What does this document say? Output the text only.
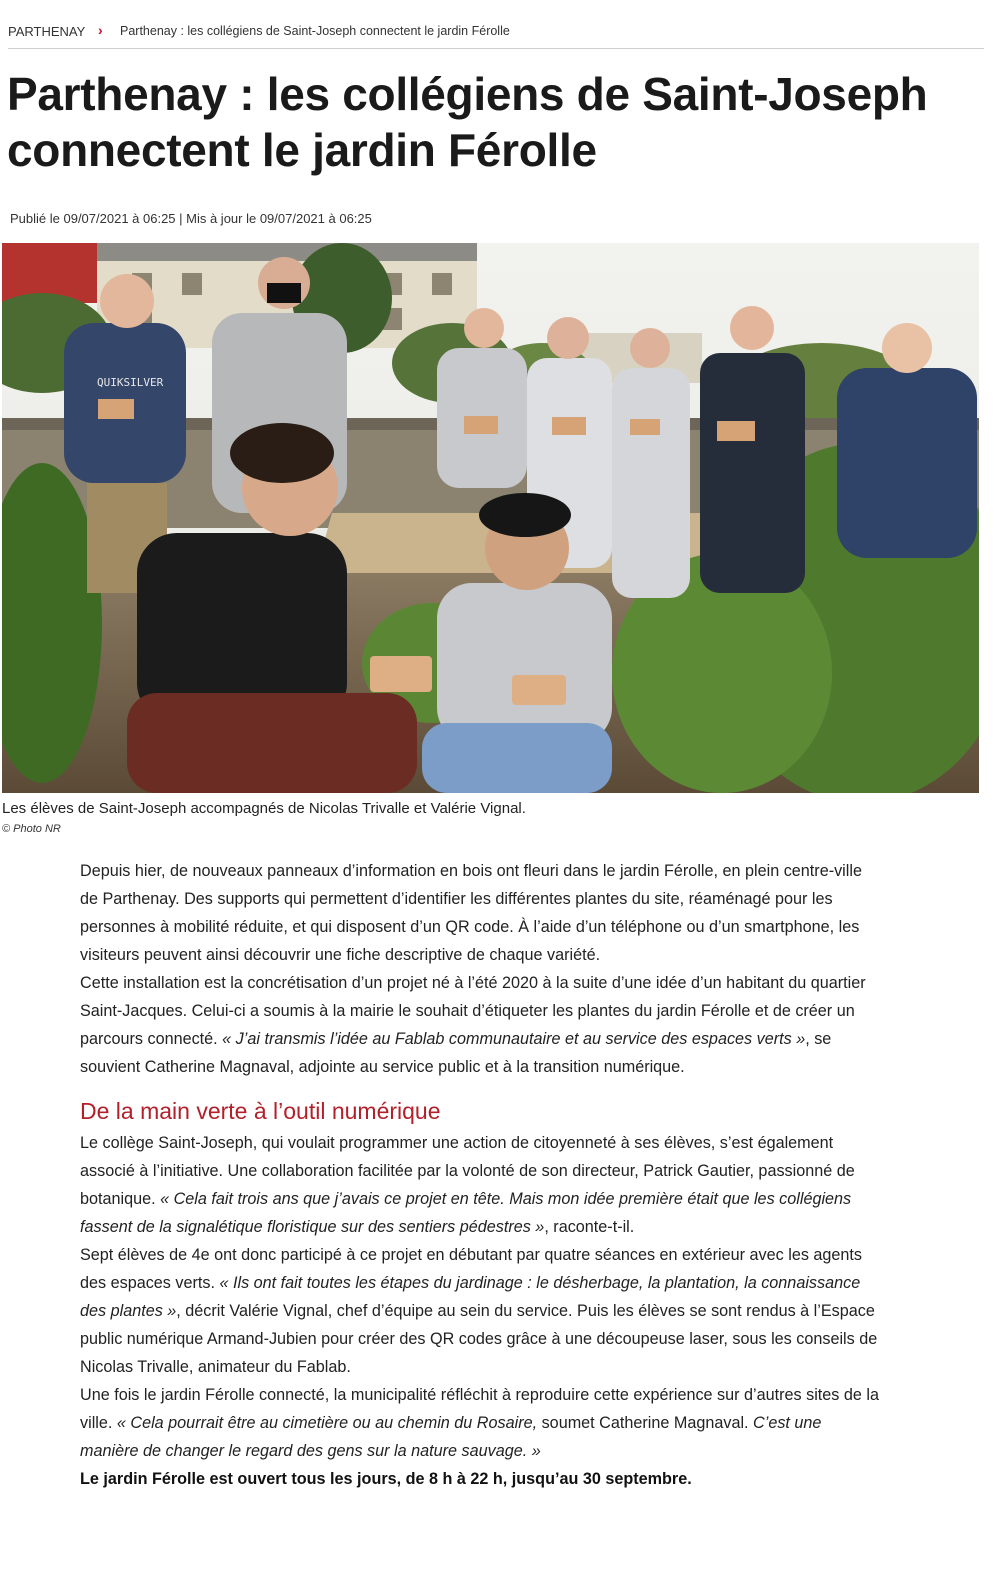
PARTHENAY › Parthenay : les collégiens de Saint-Joseph connectent le jardin Férolle
Parthenay : les collégiens de Saint-Joseph connectent le jardin Férolle
Publié le 09/07/2021 à 06:25 | Mis à jour le 09/07/2021 à 06:25
QUIKSILVER
Les élèves de Saint-Joseph accompagnés de Nicolas Trivalle et Valérie Vignal.
© Photo NR

Depuis hier, de nouveaux panneaux d’information en bois ont fleuri dans le jardin Férolle, en plein centre-ville de Parthenay. Des supports qui permettent d’identifier les différentes plantes du site, réaménagé pour les personnes à mobilité réduite, et qui disposent d’un QR code. À l’aide d’un téléphone ou d’un smartphone, les visiteurs peuvent ainsi découvrir une fiche descriptive de chaque variété.

Cette installation est la concrétisation d’un projet né à l’été 2020 à la suite d’une idée d’un habitant du quartier Saint-Jacques. Celui-ci a soumis à la mairie le souhait d’étiqueter les plantes du jardin Férolle et de créer un parcours connecté. « J’ai transmis l’idée au Fablab communautaire et au service des espaces verts », se souvient Catherine Magnaval, adjointe au service public et à la transition numérique.

De la main verte à l’outil numérique

Le collège Saint-Joseph, qui voulait programmer une action de citoyenneté à ses élèves, s’est également associé à l’initiative. Une collaboration facilitée par la volonté de son directeur, Patrick Gautier, passionné de botanique. « Cela fait trois ans que j’avais ce projet en tête. Mais mon idée première était que les collégiens fassent de la signalétique floristique sur des sentiers pédestres », raconte-t-il.

Sept élèves de 4e ont donc participé à ce projet en débutant par quatre séances en extérieur avec les agents des espaces verts. « Ils ont fait toutes les étapes du jardinage : le désherbage, la plantation, la connaissance des plantes », décrit Valérie Vignal, chef d’équipe au sein du service. Puis les élèves se sont rendus à l’Espace public numérique Armand-Jubien pour créer des QR codes grâce à une découpeuse laser, sous les conseils de Nicolas Trivalle, animateur du Fablab.

Une fois le jardin Férolle connecté, la municipalité réfléchit à reproduire cette expérience sur d’autres sites de la ville. « Cela pourrait être au cimetière ou au chemin du Rosaire, soumet Catherine Magnaval. C’est une manière de changer le regard des gens sur la nature sauvage. »

Le jardin Férolle est ouvert tous les jours, de 8 h à 22 h, jusqu’au 30 septembre.
